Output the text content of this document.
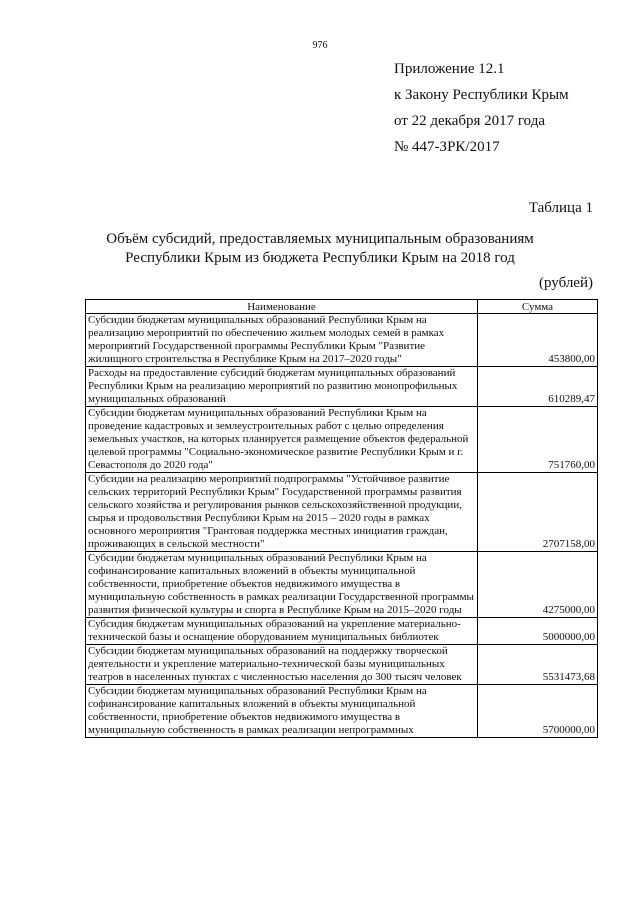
976
Приложение 12.1
к Закону Республики Крым
от 22 декабря 2017 года
№ 447-ЗРК/2017
Таблица 1
Объём субсидий, предоставляемых муниципальным образованиям
Республики Крым из бюджета Республики Крым на 2018 год
(рублей)
Наименование	Сумма
Субсидии бюджетам муниципальных образований Республики Крым на реализацию мероприятий по обеспечению жильем молодых семей в рамках мероприятий Государственной программы Республики Крым "Развитие жилищного строительства в Республике Крым на 2017–2020 годы"	453800,00
Расходы на предоставление субсидий бюджетам муниципальных образований Республики Крым на реализацию мероприятий по развитию монопрофильных муниципальных образований	610289,47
Субсидии бюджетам муниципальных образований Республики Крым на проведение кадастровых и землеустроительных работ с целью определения земельных участков, на которых планируется размещение объектов федеральной целевой программы "Социально-экономическое развитие Республики Крым и г. Севастополя до 2020 года"	751760,00
Субсидии на реализацию мероприятий подпрограммы "Устойчивое развитие сельских территорий Республики Крым" Государственной программы развития сельского хозяйства и регулирования рынков сельскохозяйственной продукции, сырья и продовольствия Республики Крым на 2015 – 2020 годы в рамках основного мероприятия "Грантовая поддержка местных инициатив граждан, проживающих в сельской местности"	2707158,00
Субсидии бюджетам муниципальных образований Республики Крым на софинансирование капитальных вложений в объекты муниципальной собственности, приобретение объектов недвижимого имущества в муниципальную собственность в рамках реализации Государственной программы развития физической культуры и спорта в Республике Крым на 2015–2020 годы	4275000,00
Субсидия бюджетам муниципальных образований на укрепление материально-технической базы и оснащение оборудованием муниципальных библиотек	5000000,00
Субсидии бюджетам муниципальных образований на поддержку творческой деятельности и укрепление материально-технической базы муниципальных театров в населенных пунктах с численностью населения до 300 тысяч человек	5531473,68
Субсидии бюджетам муниципальных образований Республики Крым на софинансирование капитальных вложений в объекты муниципальной собственности, приобретение объектов недвижимого имущества в муниципальную собственность в рамках реализации непрограммных	5700000,00
